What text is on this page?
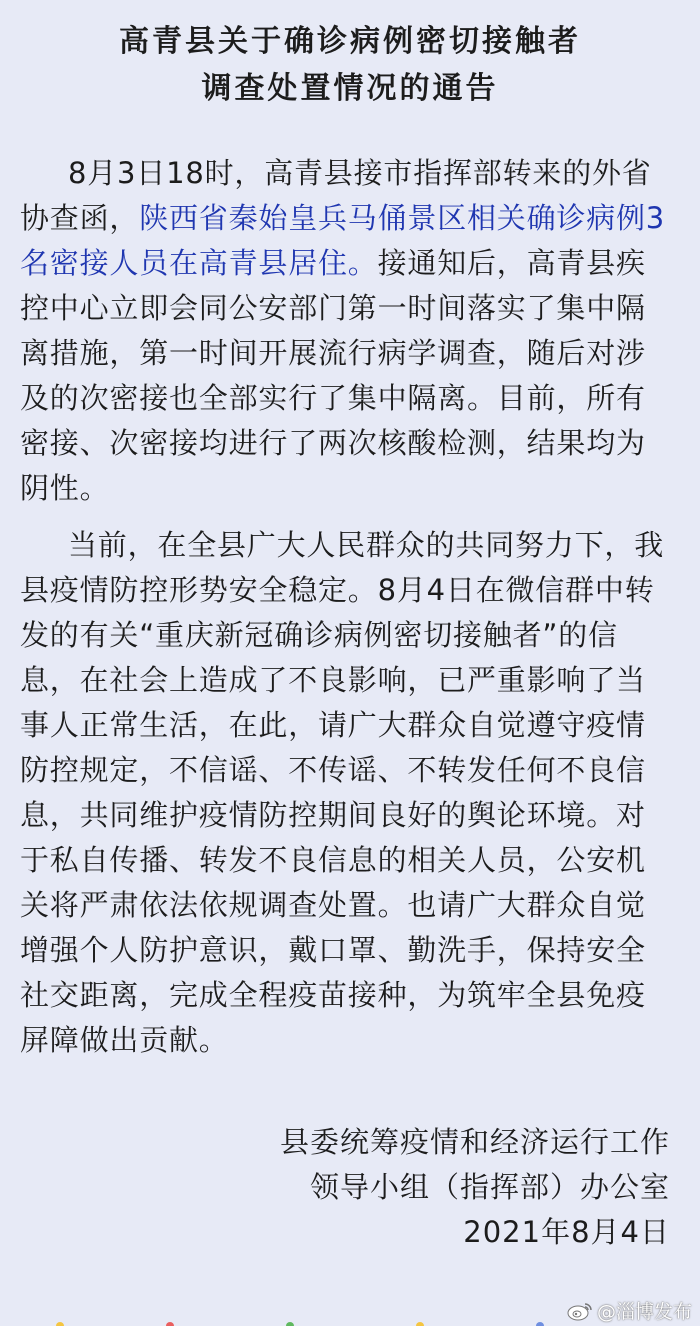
高青县关于确诊病例密切接触者
调查处置情况的通告
8月3日18时，高青县接市指挥部转来的外省
协查函，陕西省秦始皇兵马俑景区相关确诊病例3
名密接人员在高青县居住。接通知后，高青县疾
控中心立即会同公安部门第一时间落实了集中隔
离措施，第一时间开展流行病学调查，随后对涉
及的次密接也全部实行了集中隔离。目前，所有
密接、次密接均进行了两次核酸检测，结果均为
阴性。
当前，在全县广大人民群众的共同努力下，我
县疫情防控形势安全稳定。8月4日在微信群中转
发的有关“重庆新冠确诊病例密切接触者”的信
息，在社会上造成了不良影响，已严重影响了当
事人正常生活，在此，请广大群众自觉遵守疫情
防控规定，不信谣、不传谣、不转发任何不良信
息，共同维护疫情防控期间良好的舆论环境。对
于私自传播、转发不良信息的相关人员，公安机
关将严肃依法依规调查处置。也请广大群众自觉
增强个人防护意识，戴口罩、勤洗手，保持安全
社交距离，完成全程疫苗接种，为筑牢全县免疫
屏障做出贡献。
县委统筹疫情和经济运行工作
领导小组（指挥部）办公室
2021年8月4日
@淄博发布
